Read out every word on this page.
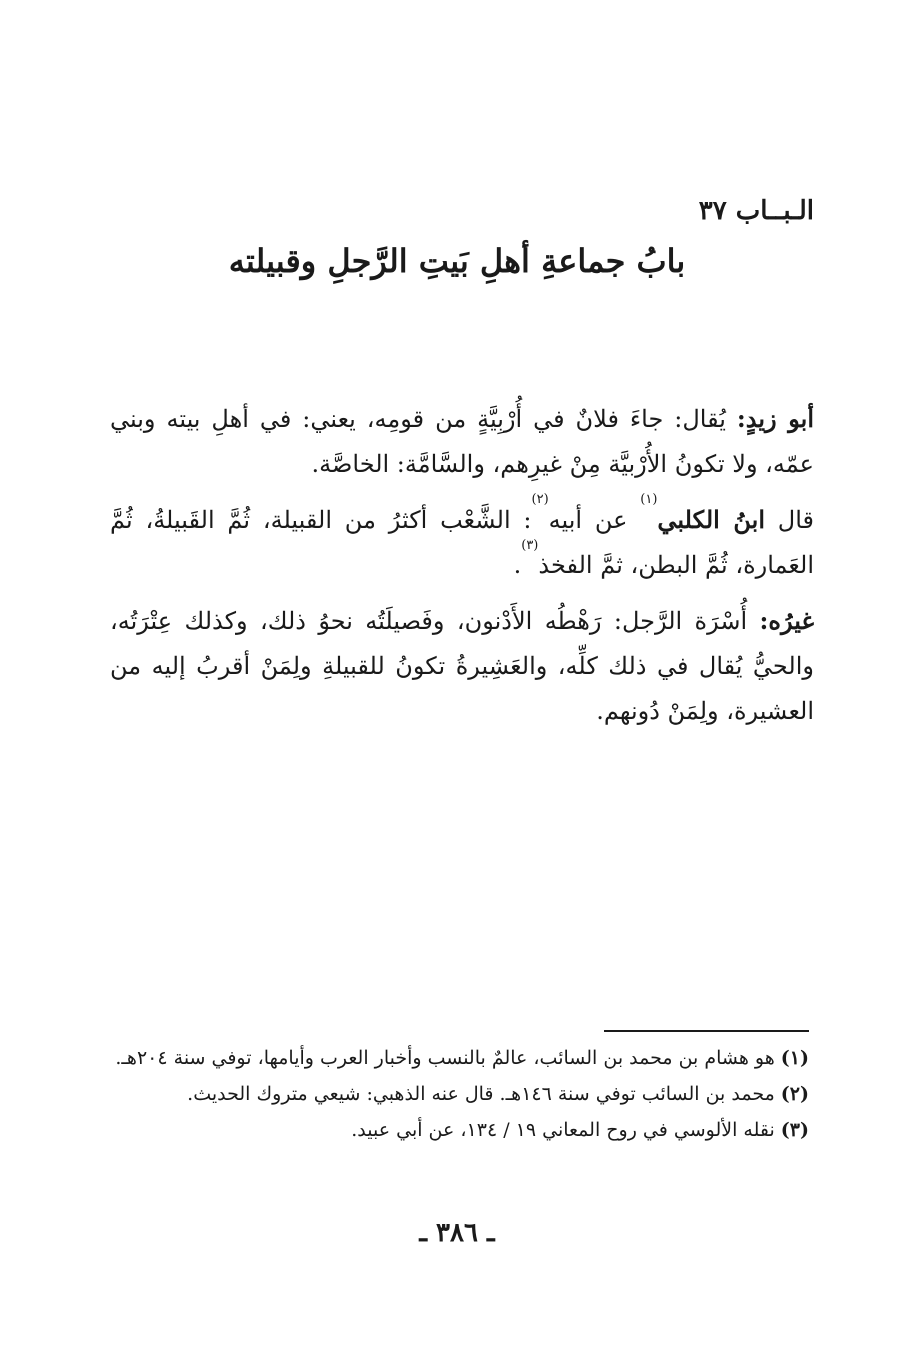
الـبــاب ٣٧
بابُ جماعةِ أهلِ بَيتِ الرَّجلِ وقبيلته

أبو زيدٍ: يُقال: جاءَ فلانٌ في أُرْبِيَّةٍ من قومِه، يعني: في أهلِ بيته وبني عمّه، ولا تكونُ الأُرْبيَّة مِنْ غيرِهم، والسَّامَّة: الخاصَّة.

قال ابنُ الكلبي$^{(١)}$ عن أبيه$^{(٢)}$: الشَّعْب أكثرُ من القبيلة، ثُمَّ القَبيلةُ، ثُمَّ العَمارة، ثُمَّ البطن، ثمَّ الفخذ$^{(٣)}$.

غيرُه: أُسْرَة الرَّجل: رَهْطُه الأَدْنون، وفَصيلَتُه نحوُ ذلك، وكذلك عِتْرَتُه، والحيُّ يُقال في ذلك كلِّه، والعَشِيرةُ تكونُ للقبيلةِ ولِمَنْ أقربُ إليه من العشيرة، ولِمَنْ دُونهم.

(١)هو هشام بن محمد بن السائب، عالمٌ بالنسب وأخبار العرب وأيامها، توفي سنة ٢٠٤هـ.

(٢)محمد بن السائب توفي سنة ١٤٦هـ. قال عنه الذهبي: شيعي متروك الحديث.

(٣)نقله الألوسي في روح المعاني ١٩ / ١٣٤، عن أبي عبيد.

ـ ٣٨٦ ـ
